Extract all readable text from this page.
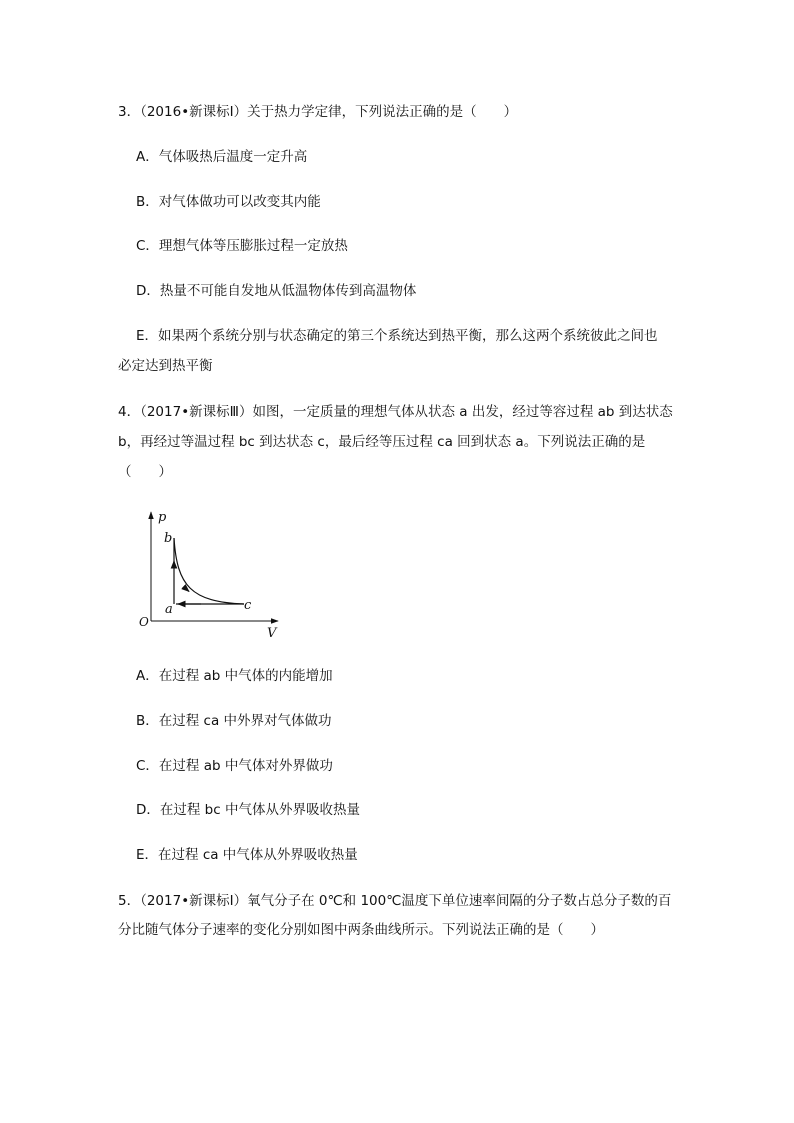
3．（2016•新课标Ⅰ）关于热力学定律，下列说法正确的是（　　）
A．气体吸热后温度一定升高
B．对气体做功可以改变其内能
C．理想气体等压膨胀过程一定放热
D．热量不可能自发地从低温物体传到高温物体
E．如果两个系统分别与状态确定的第三个系统达到热平衡，那么这两个系统彼此之间也
必定达到热平衡
4．（2017•新课标Ⅲ）如图，一定质量的理想气体从状态 a 出发，经过等容过程 ab 到达状态
b，再经过等温过程 bc 到达状态 c，最后经等压过程 ca 回到状态 a。下列说法正确的是
（　　）
p
V
O
b
a	c
A．在过程 ab 中气体的内能增加
B．在过程 ca 中外界对气体做功
C．在过程 ab 中气体对外界做功
D．在过程 bc 中气体从外界吸收热量
E．在过程 ca 中气体从外界吸收热量
5．（2017•新课标Ⅰ）氧气分子在 0℃和 100℃温度下单位速率间隔的分子数占总分子数的百
分比随气体分子速率的变化分别如图中两条曲线所示。下列说法正确的是（　　）
